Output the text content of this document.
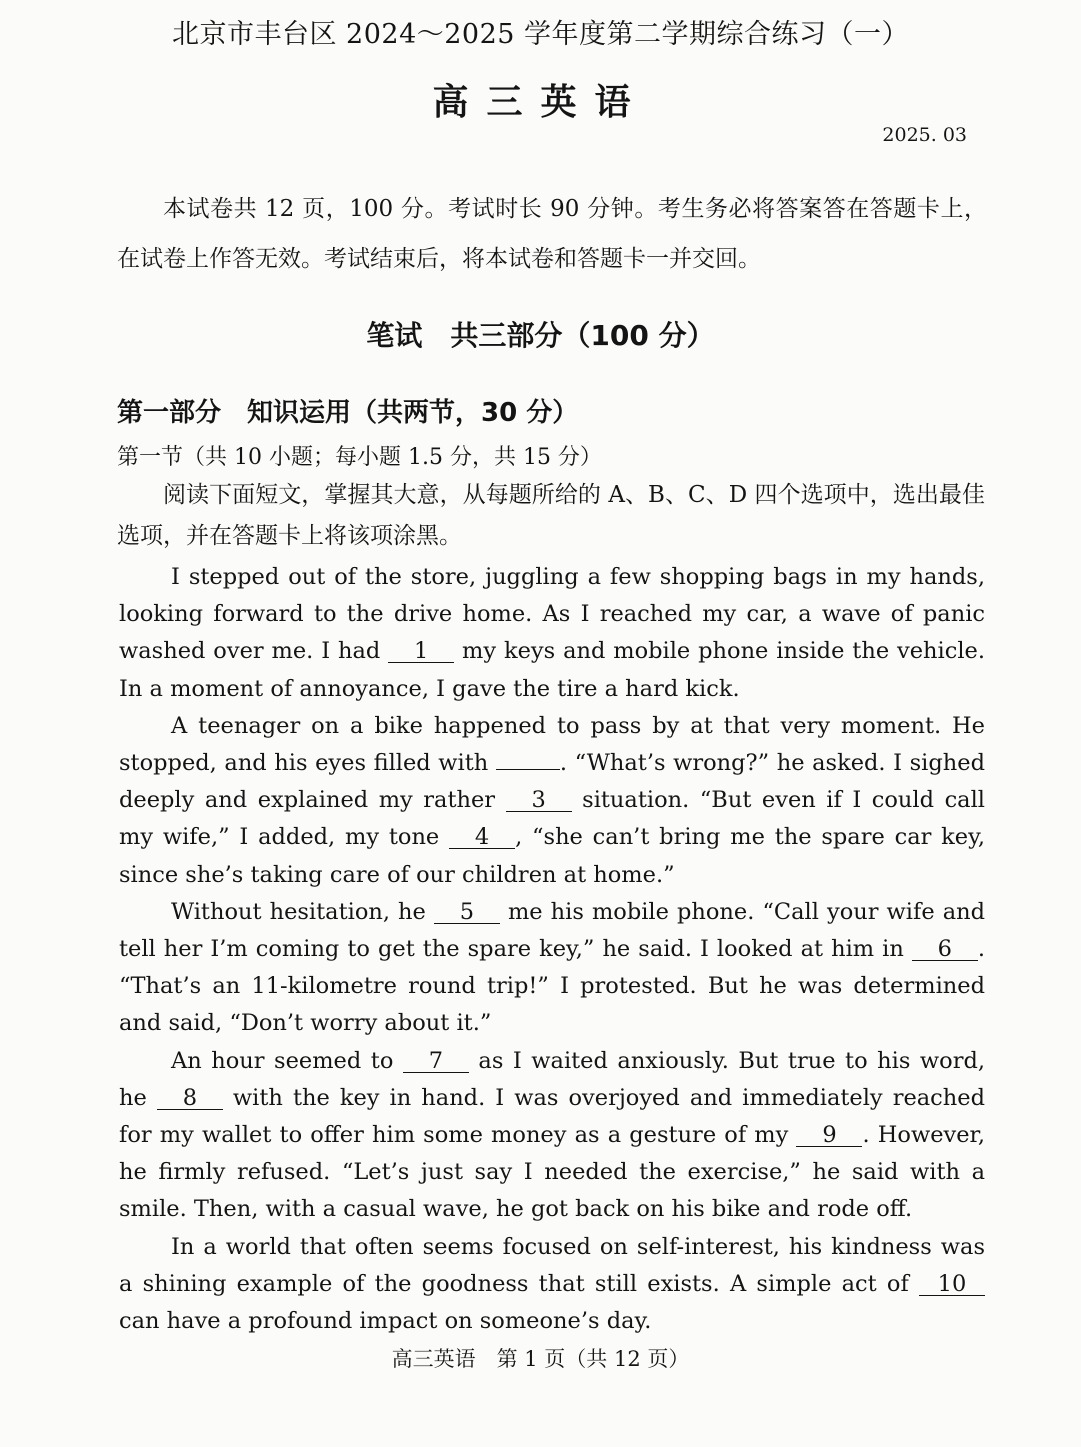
北京市丰台区 2024～2025 学年度第二学期综合练习（一）
高三英语
2025. 03
本试卷共 12 页，100 分。考试时长 90 分钟。考生务必将答案答在答题卡上，在试卷上作答无效。考试结束后，将本试卷和答题卡一并交回。
笔试　共三部分（100 分）
第一部分　知识运用（共两节，30 分）
第一节（共 10 小题；每小题 1.5 分，共 15 分）
阅读下面短文，掌握其大意，从每题所给的 A、B、C、D 四个选项中，选出最佳选项，并在答题卡上将该项涂黑。

I stepped out of the store, juggling a few shopping bags in my hands, looking forward to the drive home. As I reached my car, a wave of panic washed over me. I had 1 my keys and mobile phone inside the vehicle. In a moment of annoyance, I gave the tire a hard kick.

A teenager on a bike happened to pass by at that very moment. He stopped, and his eyes filled with	. “What’s wrong?” he asked. I sighed deeply and explained my rather 3 situation. “But even if I could call my wife,” I added, my tone 4 , “she can’t bring me the spare car key, since she’s taking care of our children at home.”

Without hesitation, he 5 me his mobile phone. “Call your wife and tell her I’m coming to get the spare key,” he said. I looked at him in 6 . “That’s an 11-kilometre round trip!” I protested. But he was determined and said, “Don’t worry about it.”

An hour seemed to 7 as I waited anxiously. But true to his word, he 8 with the key in hand. I was overjoyed and immediately reached for my wallet to offer him some money as a gesture of my 9 . However, he firmly refused. “Let’s just say I needed the exercise,” he said with a smile. Then, with a casual wave, he got back on his bike and rode off.

In a world that often seems focused on self-interest, his kindness was a shining example of the goodness that still exists. A simple act of 10 can have a profound impact on someone’s day.

高三英语　第 1 页（共 12 页）
